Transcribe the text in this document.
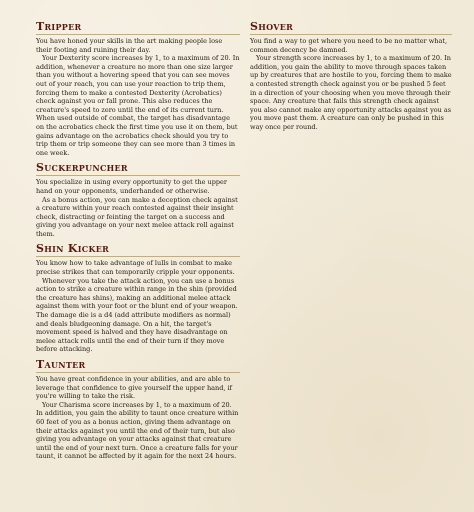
Tripper

You have honed your skills in the art making people lose their footing and ruining their day.

Your Dexterity score increases by 1, to a maximum of 20. In addition, whenever a creature no more than one size larger than you without a hovering speed that you can see moves out of your reach, you can use your reaction to trip them, forcing them to make a contested Dexterity (Acrobatics) check against you or fall prone. This also reduces the creature's speed to zero until the end of its current turn. When used outside of combat, the target has disadvantage on the acrobatics check the first time you use it on them, but gains advantage on the acrobatics check should you try to trip them or trip someone they can see more than 3 times in one week.

Suckerpuncher

You specialize in using every opportunity to get the upper hand on your opponents, underhanded or otherwise.

As a bonus action, you can make a deception check against a creature within your reach contested against their insight check, distracting or feinting the target on a success and giving you advantage on your next melee attack roll against them.

Shin Kicker

You know how to take advantage of lulls in combat to make precise strikes that can temporarily cripple your opponents.

Whenever you take the attack action, you can use a bonus action to strike a creature within range in the shin (provided the creature has shins), making an additional melee attack against them with your foot or the blunt end of your weapon. The damage die is a d4 (add attribute modifiers as normal) and deals bludgeoning damage. On a hit, the target's movement speed is halved and they have disadvantage on melee attack rolls until the end of their turn if they move before attacking.

Taunter

You have great confidence in your abilities, and are able to leverage that confidence to give yourself the upper hand, if you're willing to take the risk.

Your Charisma score increases by 1, to a maximum of 20. In addition, you gain the ability to taunt once creature within 60 feet of you as a bonus action, giving them advantage on their attacks against you until the end of their turn, but also giving you advantage on your attacks against that creature until the end of your next turn. Once a creature falls for your taunt, it cannot be affected by it again for the next 24 hours.

Shover

You find a way to get where you need to be no matter what, common decency be damned.

Your strength score increases by 1, to a maximum of 20. In addition, you gain the ability to move through spaces taken up by creatures that are hostile to you, forcing them to make a contested strength check against you or be pushed 5 feet in a direction of your choosing when you move through their space. Any creature that fails this strength check against you also cannot make any opportunity attacks against you as you move past them. A creature can only be pushed in this way once per round.
